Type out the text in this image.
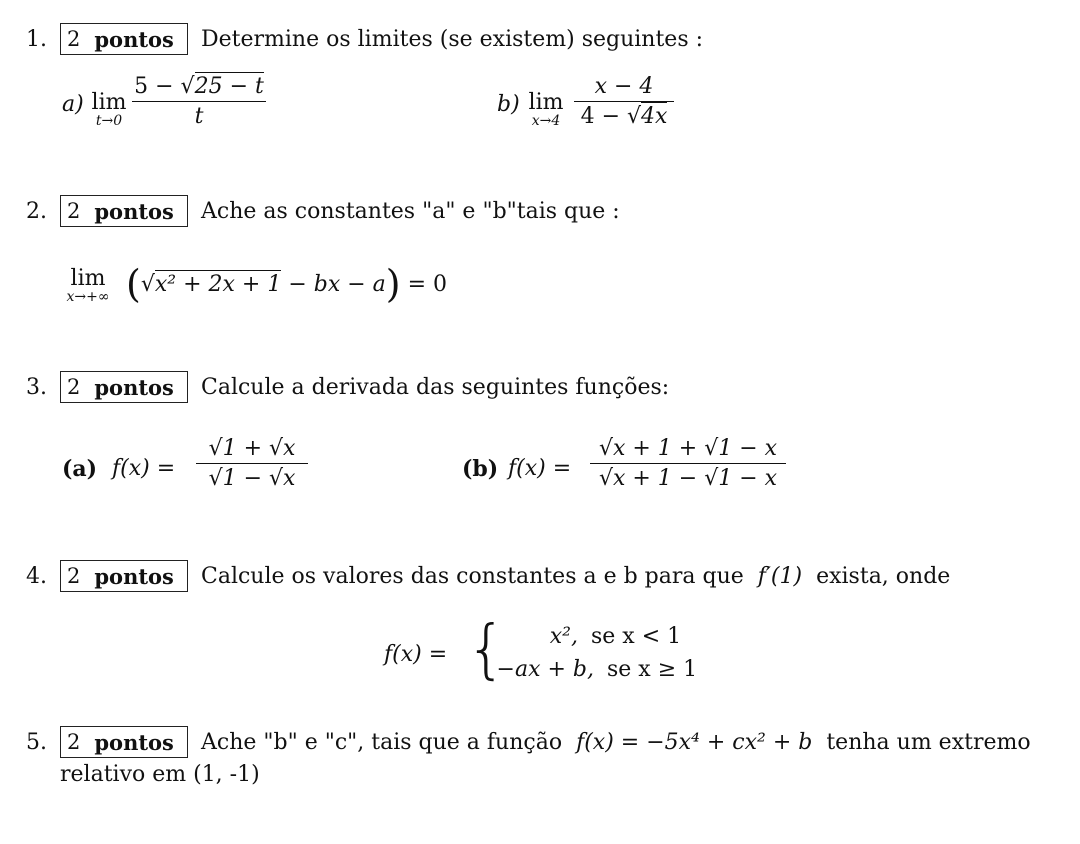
1. 2 pontos Determine os limites (se existem) seguintes :
a) lim
t→0
5 − √25 − t
t	b) lim
x→4
x − 4
4 − √4x
2. 2 pontos Ache as constantes "a" e "b"tais que :
lim
x→+∞ (√x² + 2x + 1 − bx − a) = 0
3. 2 pontos Calcule a derivada das seguintes funções:
(a) f(x) =
√1 + √x
√1 − √x	(b) f(x) =
√x + 1 + √1 − x
√x + 1 − √1 − x
4. 2 pontos Calcule os valores das constantes a e b para que f′(1) exista, onde
f(x) = {	x², se x < 1
−ax + b, se x ≥ 1
5. 2 pontos Ache "b" e "c", tais que a função f(x) = −5x⁴ + cx² + b tenha um extremo
relativo em (1, -1)
